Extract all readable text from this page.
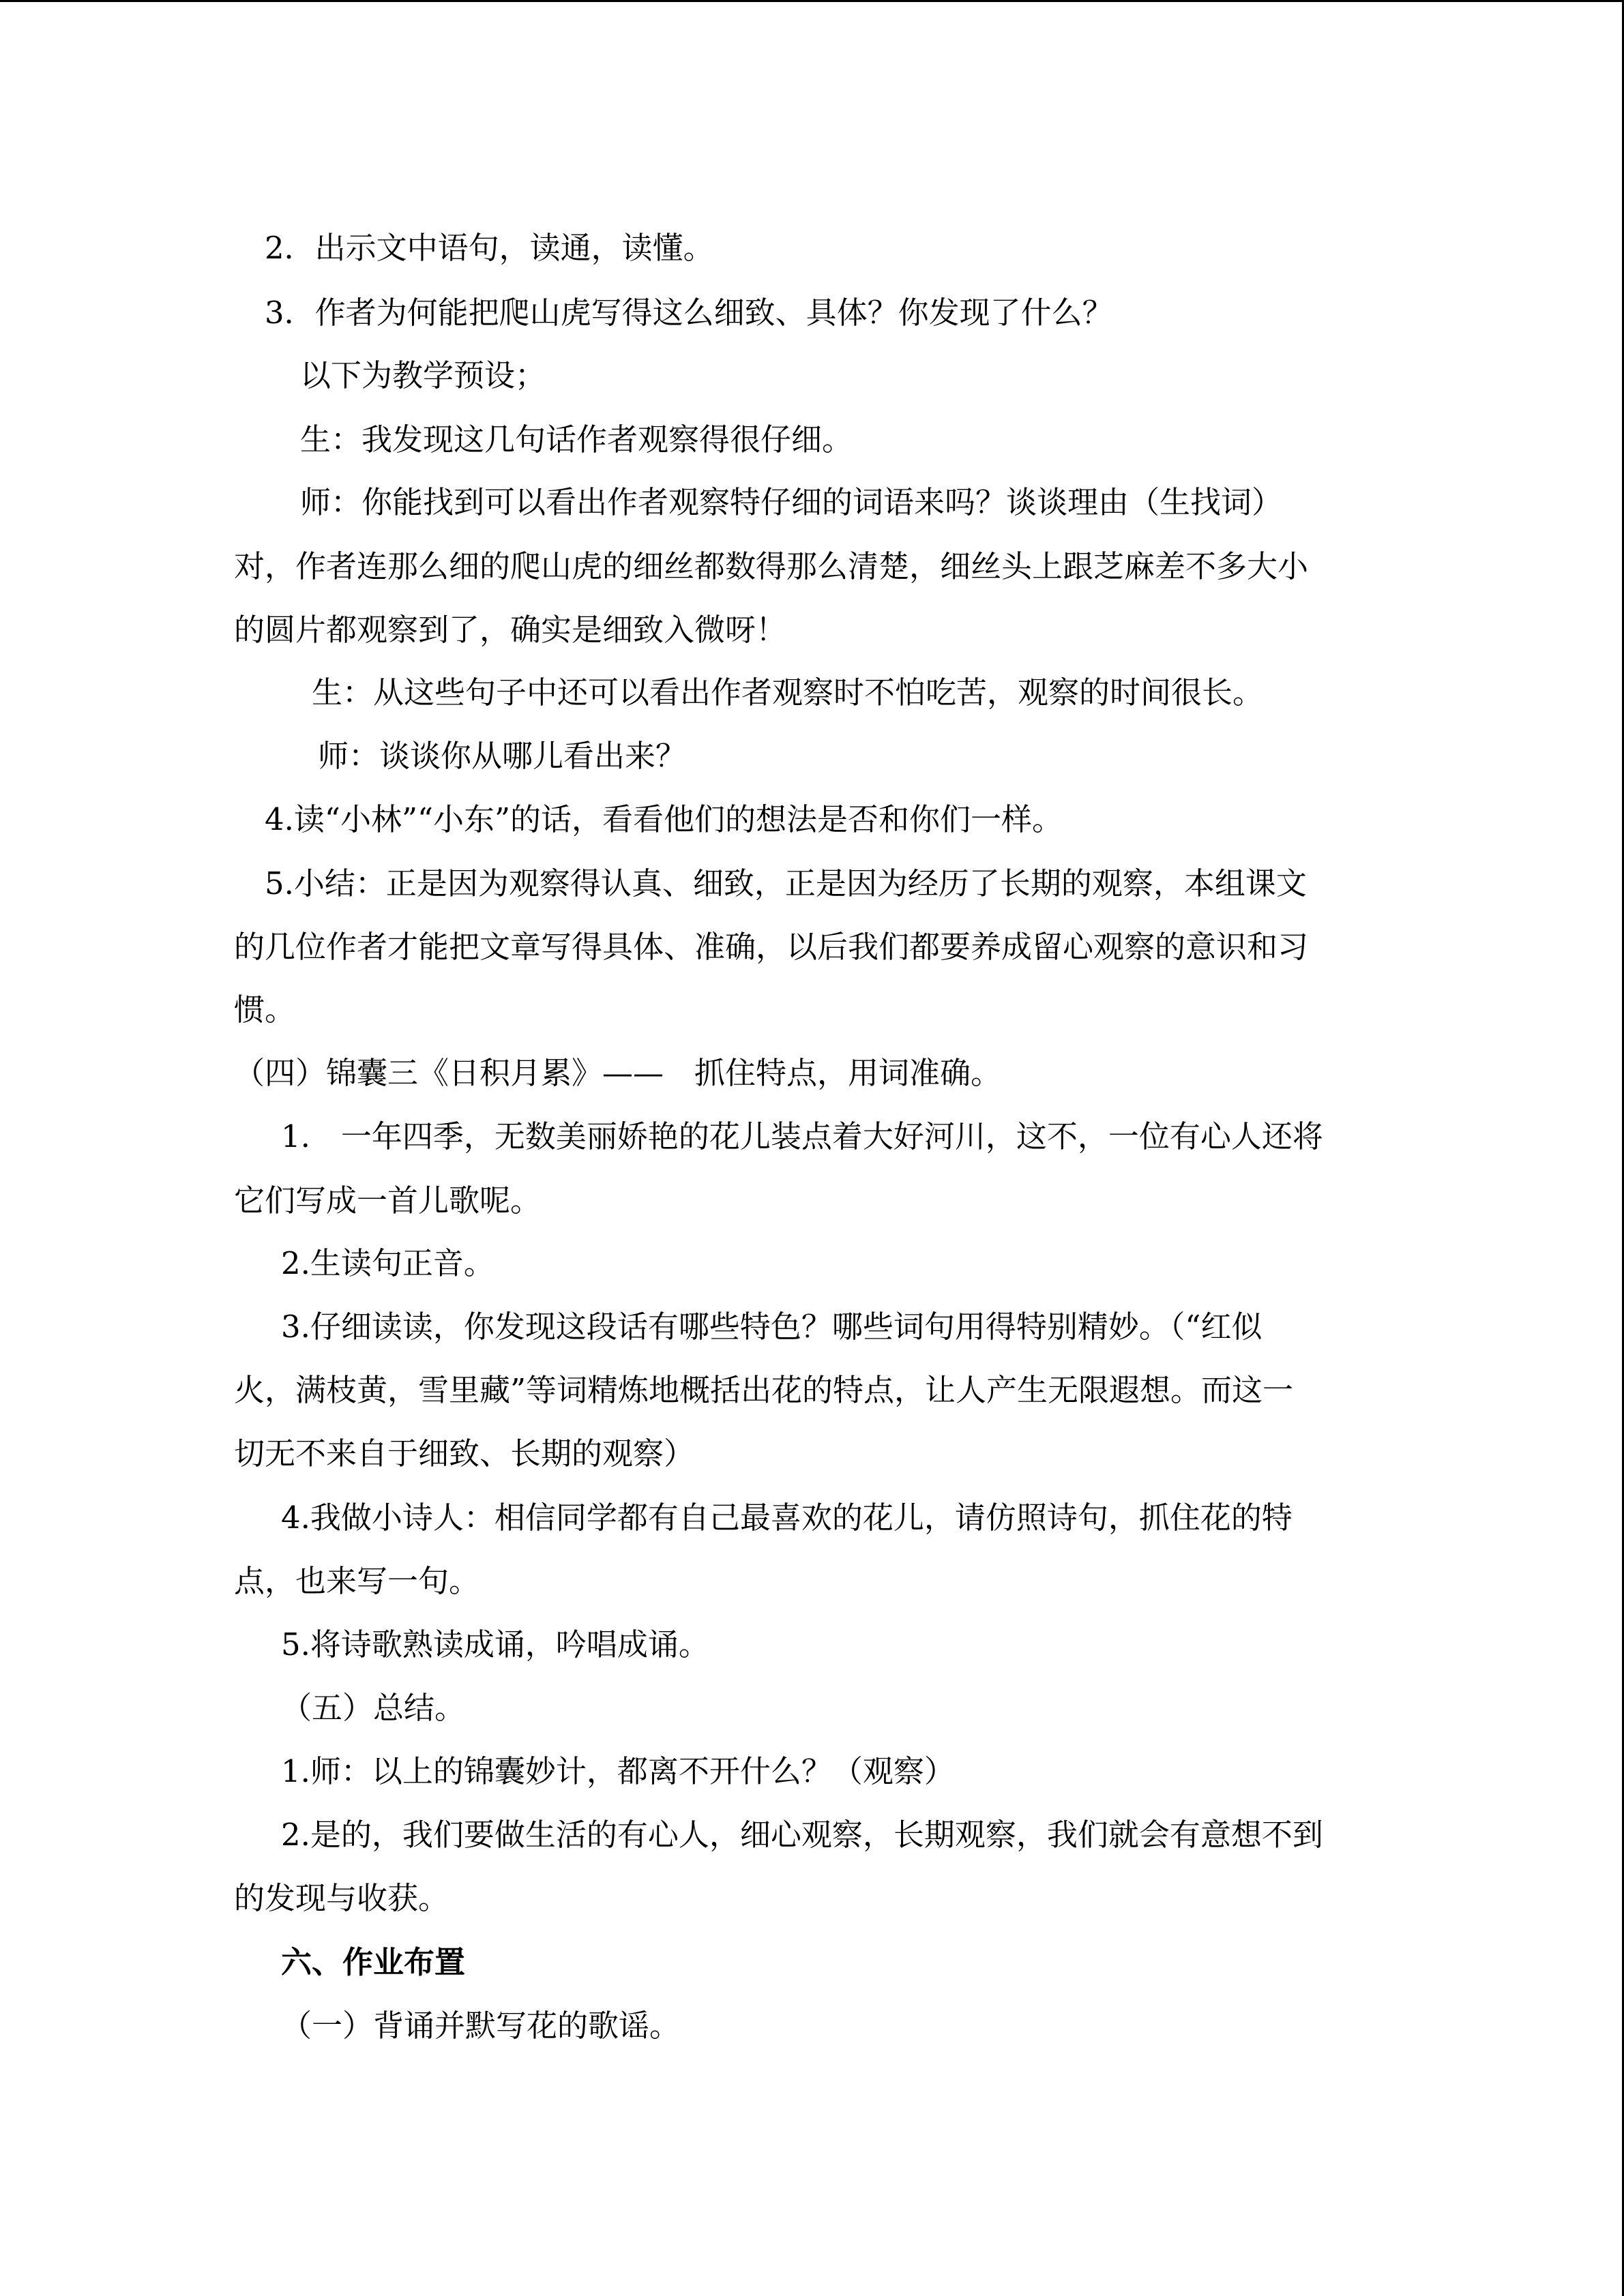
2．出示文中语句，读通，读懂。

3．作者为何能把爬山虎写得这么细致、具体？你发现了什么？

以下为教学预设；

生：我发现这几句话作者观察得很仔细。

师：你能找到可以看出作者观察特仔细的词语来吗？谈谈理由（生找词）

对，作者连那么细的爬山虎的细丝都数得那么清楚，细丝头上跟芝麻差不多大小

的圆片都观察到了，确实是细致入微呀！

生：从这些句子中还可以看出作者观察时不怕吃苦，观察的时间很长。

师：谈谈你从哪儿看出来？

4.读“小林”“小东”的话，看看他们的想法是否和你们一样。

5.小结：正是因为观察得认真、细致，正是因为经历了长期的观察，本组课文

的几位作者才能把文章写得具体、准确，以后我们都要养成留心观察的意识和习

惯。

（四）锦囊三《日积月累》——　抓住特点，用词准确。

1.　一年四季，无数美丽娇艳的花儿装点着大好河川，这不，一位有心人还将

它们写成一首儿歌呢。

2.生读句正音。

3.仔细读读，你发现这段话有哪些特色？哪些词句用得特别精妙。（“红似

火，满枝黄，雪里藏”等词精炼地概括出花的特点，让人产生无限遐想。而这一

切无不来自于细致、长期的观察）

4.我做小诗人：相信同学都有自己最喜欢的花儿，请仿照诗句，抓住花的特

点，也来写一句。

5.将诗歌熟读成诵，吟唱成诵。

（五）总结。

1.师：以上的锦囊妙计，都离不开什么？（观察）

2.是的，我们要做生活的有心人，细心观察，长期观察，我们就会有意想不到

的发现与收获。

六、作业布置

（一）背诵并默写花的歌谣。
